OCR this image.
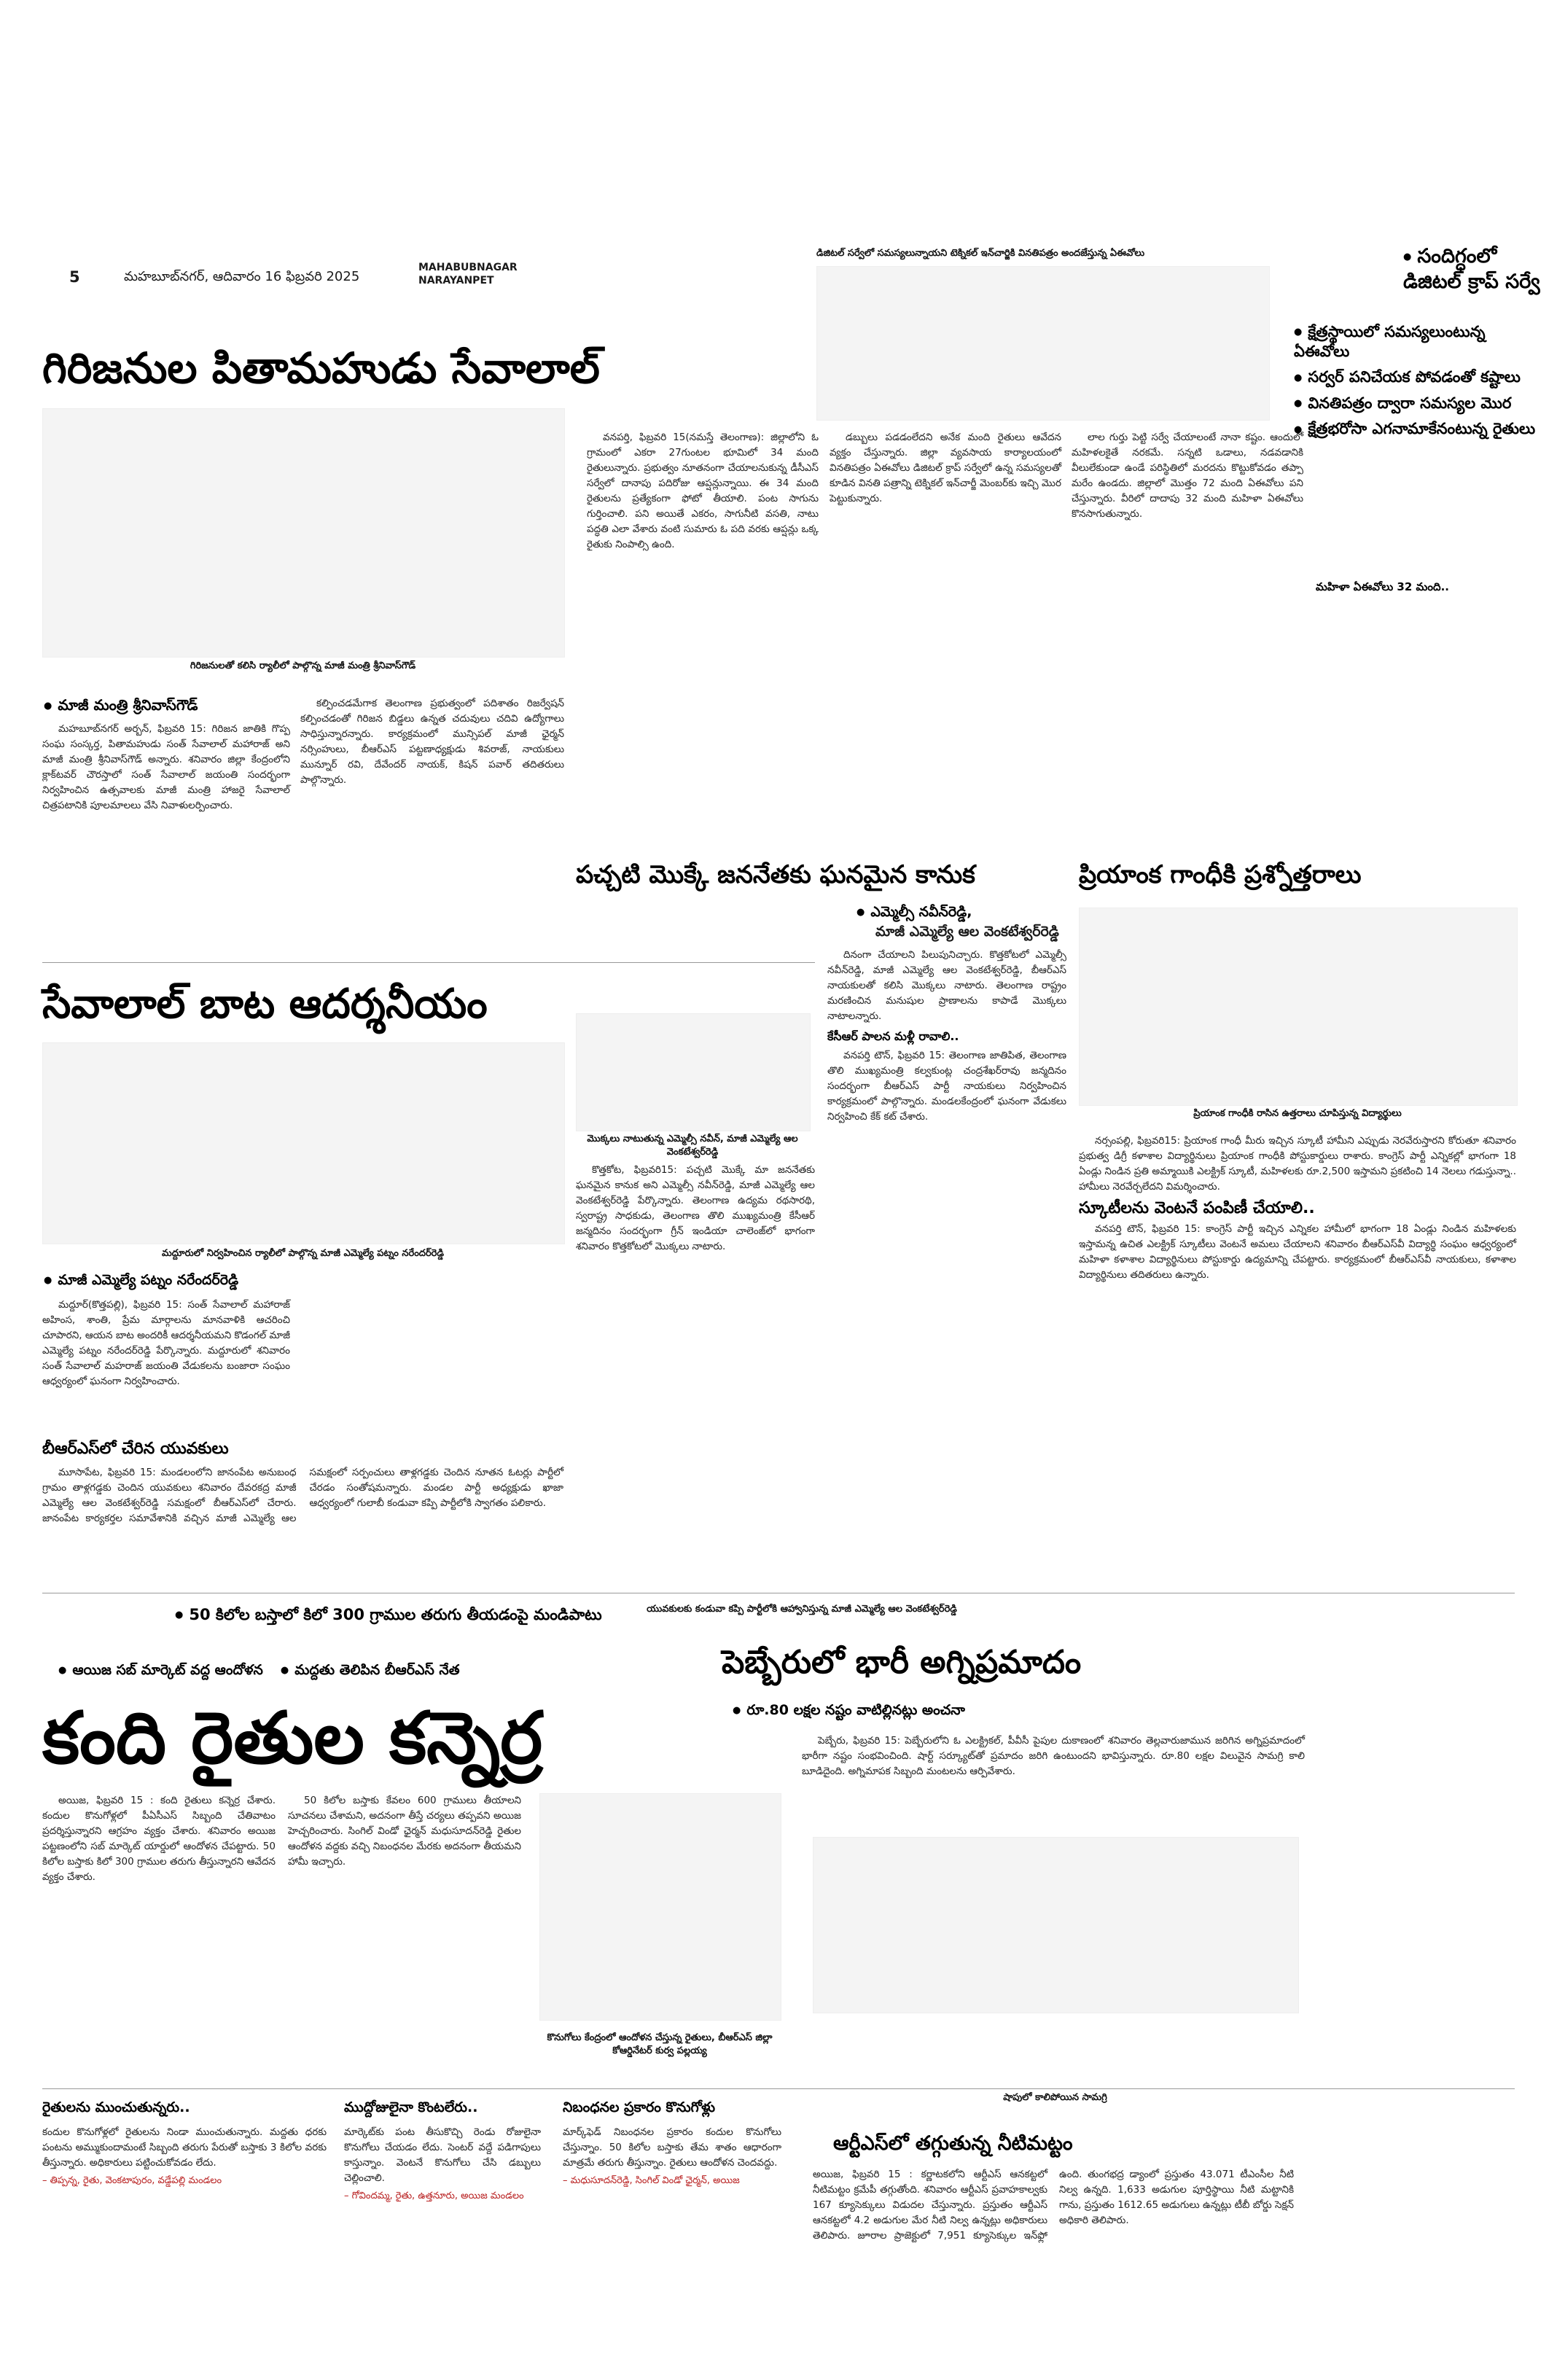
5	మహబూబ్‌నగర్, ఆదివారం 16 ఫిబ్రవరి 2025
MAHABUBNAGAR
NARAYANPET
డిజిటల్ సర్వేలో సమస్యలున్నాయని టెక్నికల్ ఇన్‌చార్జికి వినతిపత్రం అందజేస్తున్న ఏఈవోలు	● సందిగ్ధంలో డిజిటల్ క్రాప్ సర్వే
● క్షేత్రస్థాయిలో సమస్యలుంటున్న ఏఈవోలు
● సర్వర్ పనిచేయక పోవడంతో కష్టాలు
● వినతిపత్రం ద్వారా సమస్యల మొర
● క్షేత్రభరోసా ఎగనామాకేనంటున్న రైతులు

వనపర్తి, ఫిబ్రవరి 15(నమస్తే తెలంగాణ): జిల్లాలోని ఓ గ్రామంలో ఎకరా 27గుంటల భూమిలో 34 మంది రైతులున్నారు. ప్రభుత్వం నూతనంగా చేయాలనుకున్న డీసీఎస్ సర్వేలో దానాపు పదిరోజు ఆప్షన్లున్నాయి. ఈ 34 మంది రైతులను ప్రత్యేకంగా ఫోటో తీయాలి. పంట సాగును గుర్తించాలి. పని అయితే ఎకరం, సాగునీటి వసతి, నాటు పద్ధతి ఎలా వేశారు వంటి సుమారు ఓ పది వరకు ఆప్షన్లు ఒక్క రైతుకు నింపాల్సి ఉంది.

డబ్బులు పడడంలేదని అనేక మంది రైతులు ఆవేదన వ్యక్తం చేస్తున్నారు. జిల్లా వ్యవసాయ కార్యాలయంలో వినతిపత్రం ఏఈవోలు డిజిటల్ క్రాప్ సర్వేలో ఉన్న సమస్యలతో కూడిన వినతి పత్రాన్ని టెక్నికల్ ఇన్‌చార్జీ మెంబర్‌కు ఇచ్చి మొర పెట్టుకున్నారు.

లాల గుర్తు పెట్టి సర్వే చేయాలంటే నానా కష్టం. ఆందులో మహిళలకైతే నరకమే. సన్నటి ఒడాలు, నడవడానికి వీలులేకుండా ఉండే పరిస్థితిలో మరదను కొట్టుకోవడం తప్పా మరేం ఉండదు. జిల్లాలో మొత్తం 72 మంది ఏఈవోలు పని చేస్తున్నారు. వీరిలో దాదాపు 32 మంది మహిళా ఏఈవోలు కొనసాగుతున్నారు.

మహిళా ఏఈవోలు 32 మంది..
గిరిజనుల పితామహుడు సేవాలాల్
గిరిజనులతో కలిసి ర్యాలీలో పాల్గొన్న మాజీ మంత్రి శ్రీనివాస్‌గౌడ్
● మాజీ మంత్రి శ్రీనివాస్‌గౌడ్

మహబూబ్‌నగర్ అర్బన్, ఫిబ్రవరి 15: గిరిజన జాతికి గొప్ప సంఘ సంస్కర్త, పితామహుడు సంత్ సేవాలాల్ మహారాజ్ అని మాజీ మంత్రి శ్రీనివాస్‌గౌడ్ అన్నారు. శనివారం జిల్లా కేంద్రంలోని క్లాక్‌టవర్ చౌరస్తాలో సంత్ సేవాలాల్ జయంతి సందర్భంగా నిర్వహించిన ఉత్సవాలకు మాజీ మంత్రి హాజరై సేవాలాల్ చిత్రపటానికి పూలమాలలు వేసి నివాళులర్పించారు.

కల్పించడమేగాక తెలంగాణ ప్రభుత్వంలో పదిశాతం రిజర్వేషన్ కల్పించడంతో గిరిజన బిడ్డలు ఉన్నత చదువులు చదివి ఉద్యోగాలు సాధిస్తున్నారన్నారు. కార్యక్రమంలో మున్సిపల్ మాజీ ఛైర్మన్ నర్సింహులు, బీఆర్‌ఎస్ పట్టణాధ్యక్షుడు శివరాజ్, నాయకులు మున్నూర్ రవి, దేవేందర్ నాయక్, కిషన్ పవార్ తదితరులు పాల్గొన్నారు.

సేవాలాల్ బాట ఆదర్శనీయం
మద్దూరులో నిర్వహించిన ర్యాలీలో పాల్గొన్న మాజీ ఎమ్మెల్యే పట్నం నరేందర్‌రెడ్డి
● మాజీ ఎమ్మెల్యే పట్నం నరేందర్‌రెడ్డి

మద్దూర్(కొత్తపల్లి), ఫిబ్రవరి 15: సంత్ సేవాలాల్ మహారాజ్ అహింస, శాంతి, ప్రేమ మార్గాలను మానవాళికి ఆచరించి చూపారని, ఆయన బాట అందరికీ ఆదర్శనీయమని కొడంగల్ మాజీ ఎమ్మెల్యే పట్నం నరేందర్‌రెడ్డి పేర్కొన్నారు. మద్దూరులో శనివారం సంత్ సేవాలాల్ మహరాజ్ జయంతి వేడుకలను బంజారా సంఘం ఆధ్వర్యంలో ఘనంగా నిర్వహించారు.

బీఆర్‌ఎస్‌లో చేరిన యువకులు

మూసాపేట, ఫిబ్రవరి 15: మండలంలోని జానంపేట అనుబంధ గ్రామం తాళ్లగడ్డకు చెందిన యువకులు శనివారం దేవరకద్ర మాజీ ఎమ్మెల్యే ఆల వెంకటేశ్వర్‌రెడ్డి సమక్షంలో బీఆర్‌ఎస్‌లో చేరారు. జానంపేట కార్యకర్తల సమావేశానికి వచ్చిన మాజీ ఎమ్మెల్యే ఆల సమక్షంలో సర్పంచులు తాళ్లగడ్డకు చెందిన నూతన ఓటర్లు పార్టీలో చేరడం సంతోషమన్నారు. మండల పార్టీ అధ్యక్షుడు ఖాజా ఆధ్వర్యంలో గులాబీ కండువా కప్పి పార్టీలోకి స్వాగతం పలికారు.

మొక్కలు నాటుతున్న ఎమ్మెల్సీ నవీన్, మాజీ ఎమ్మెల్యే ఆల వెంకటేశ్వర్‌రెడ్డి
పచ్చటి మొక్కే జననేతకు ఘనమైన కానుక
● ఎమ్మెల్సీ నవీన్‌రెడ్డి,
మాజీ ఎమ్మెల్యే ఆల వెంకటేశ్వర్‌రెడ్డి

కొత్తకోట, ఫిబ్రవరి15: పచ్చటి మొక్కే మా జననేతకు ఘనమైన కానుక అని ఎమ్మెల్సీ నవీన్‌రెడ్డి, మాజీ ఎమ్మెల్యే ఆల వెంకటేశ్వర్‌రెడ్డి పేర్కొన్నారు. తెలంగాణ ఉద్యమ రథసారథి, స్వరాష్ట్ర సాధకుడు, తెలంగాణ తొలి ముఖ్యమంత్రి కేసీఆర్ జన్మదినం సందర్భంగా గ్రీన్ ఇండియా చాలెంజ్‌లో భాగంగా శనివారం కొత్తకోటలో మొక్కలు నాటారు.

దినంగా చేయాలని పిలుపునిచ్చారు. కొత్తకోటలో ఎమ్మెల్సీ నవీన్‌రెడ్డి, మాజీ ఎమ్మెల్యే ఆల వెంకటేశ్వర్‌రెడ్డి, బీఆర్‌ఎస్ నాయకులతో కలిసి మొక్కలు నాటారు. తెలంగాణ రాష్ట్రం మరణించిన మనుషుల ప్రాణాలను కాపాడే మొక్కలు నాటాలన్నారు.

కేసీఆర్ పాలన మళ్లీ రావాలి..

వనపర్తి టౌన్, ఫిబ్రవరి 15: తెలంగాణ జాతిపిత, తెలంగాణ తొలి ముఖ్యమంత్రి కల్వకుంట్ల చంద్రశేఖర్‌రావు జన్మదినం సందర్భంగా బీఆర్‌ఎస్ పార్టీ నాయకులు నిర్వహించిన కార్యక్రమంలో పాల్గొన్నారు. మండలకేంద్రంలో ఘనంగా వేడుకలు నిర్వహించి కేక్ కట్ చేశారు.

ప్రియాంక గాంధీకి ప్రశ్నోత్తరాలు
ప్రియాంక గాంధీకి రాసిన ఉత్తరాలు చూపిస్తున్న విద్యార్థులు

నర్సంపల్లి, ఫిబ్రవరి15: ప్రియాంక గాంధీ మీరు ఇచ్చిన స్కూటీ హామీని ఎప్పుడు నెరవేరుస్తారని కోరుతూ శనివారం ప్రభుత్వ డిగ్రీ కళాశాల విద్యార్థినులు ప్రియాంక గాంధీకి పోస్టుకార్డులు రాశారు. కాంగ్రెస్ పార్టీ ఎన్నికల్లో భాగంగా 18 ఏండ్లు నిండిన ప్రతి అమ్మాయికి ఎలక్ట్రిక్ స్కూటీ, మహిళలకు రూ.2,500 ఇస్తామని ప్రకటించి 14 నెలలు గడుస్తున్నా.. హామీలు నెరవేర్చలేదని విమర్శించారు.

స్కూటీలను వెంటనే పంపిణీ చేయాలి..

వనపర్తి టౌన్, ఫిబ్రవరి 15: కాంగ్రెస్ పార్టీ ఇచ్చిన ఎన్నికల హామీలో భాగంగా 18 ఏండ్లు నిండిన మహిళలకు ఇస్తామన్న ఉచిత ఎలక్ట్రిక్ స్కూటీలు వెంటనే అమలు చేయాలని శనివారం బీఆర్‌ఎస్‌వీ విద్యార్థి సంఘం ఆధ్వర్యంలో మహిళా కళాశాల విద్యార్థినులు పోస్టుకార్డు ఉద్యమాన్ని చేపట్టారు. కార్యక్రమంలో బీఆర్‌ఎస్‌వీ నాయకులు, కళాశాల విద్యార్థినులు తదితరులు ఉన్నారు.

● 50 కిలోల బస్తాలో కిలో 300 గ్రాముల తరుగు తీయడంపై మండిపాటు
● ఆయిజ సబ్ మార్కెట్ వద్ద ఆందోళన	● మద్దతు తెలిపిన బీఆర్‌ఎస్ నేత
కంది రైతుల కన్నెర్ర

అయిజ, ఫిబ్రవరి 15 : కంది రైతులు కన్నెర్ర చేశారు. కందుల కొనుగోళ్లలో పీఏసీఎస్ సిబ్బంది చేతివాటం ప్రదర్శిస్తున్నారని ఆగ్రహం వ్యక్తం చేశారు. శనివారం అయిజ పట్టణంలోని సబ్ మార్కెట్ యార్డులో ఆందోళన చేపట్టారు. 50 కిలోల బస్తాకు కిలో 300 గ్రాముల తరుగు తీస్తున్నారని ఆవేదన వ్యక్తం చేశారు.

50 కిలోల బస్తాకు కేవలం 600 గ్రాములు తీయాలని సూచనలు చేశామని, అదనంగా తీస్తే చర్యలు తప్పవని అయిజ హెచ్చరించారు. సింగిల్ విండో ఛైర్మన్ మధుసూదన్‌రెడ్డి రైతుల ఆందోళన వద్దకు వచ్చి నిబంధనల మేరకు అదనంగా తీయమని హామీ ఇచ్చారు.

యువకులకు కండువా కప్పి పార్టీలోకి ఆహ్వానిస్తున్న మాజీ ఎమ్మెల్యే ఆల వెంకటేశ్వర్‌రెడ్డి
కొనుగోలు కేంద్రంలో ఆందోళన చేస్తున్న రైతులు, బీఆర్‌ఎస్ జిల్లా కోఆర్డినేటర్ కుర్వ పల్లయ్య
పెబ్బేరులో భారీ అగ్నిప్రమాదం
● రూ.80 లక్షల నష్టం వాటిల్లినట్లు అంచనా

పెబ్బేరు, ఫిబ్రవరి 15: పెబ్బేరులోని ఓ ఎలక్ట్రికల్, పీవీసీ పైపుల దుకాణంలో శనివారం తెల్లవారుజామున జరిగిన అగ్నిప్రమాదంలో భారీగా నష్టం సంభవించింది. షార్ట్ సర్క్యూట్‌తో ప్రమాదం జరిగి ఉంటుందని భావిస్తున్నారు. రూ.80 లక్షల విలువైన సామగ్రి కాలి బూడిదైంది. అగ్నిమాపక సిబ్బంది మంటలను ఆర్పివేశారు.

రైతులను ముంచుతున్నరు..
కందుల కొనుగోళ్లలో రైతులను నిండా ముంచుతున్నారు. మద్దతు ధరకు పంటను అమ్ముకుందామంటే సిబ్బంది తరుగు పేరుతో బస్తాకు 3 కిలోల వరకు తీస్తున్నారు. అధికారులు పట్టించుకోవడం లేదు.
– తిప్పన్న, రైతు, వెంకటాపురం, వడ్డేపల్లి మండలం
ముద్దోజులైనా కొంటలేరు..
మార్కెట్‌కు పంట తీసుకొచ్చి రెండు రోజులైనా కొనుగోలు చేయడం లేదు. సెంటర్ వద్దే పడిగాపులు కాస్తున్నాం. వెంటనే కొనుగోలు చేసి డబ్బులు చెల్లించాలి.
– గోవిందమ్మ, రైతు, ఉత్తనూరు, అయిజ మండలం
నిబంధనల ప్రకారం కొనుగోళ్లు
మార్క్‌ఫెడ్ నిబంధనల ప్రకారం కందుల కొనుగోలు చేస్తున్నాం. 50 కిలోల బస్తాకు తేమ శాతం ఆధారంగా మాత్రమే తరుగు తీస్తున్నాం. రైతులు ఆందోళన చెందవద్దు.
– మధుసూదన్‌రెడ్డి, సింగిల్ విండో ఛైర్మన్, అయిజ
షాపులో కాలిపోయిన సామగ్రి
ఆర్టీఎస్‌లో తగ్గుతున్న నీటిమట్టం
అయిజ, ఫిబ్రవరి 15 : కర్ణాటకలోని ఆర్టీఎస్ ఆనకట్టలో నీటిమట్టం క్రమేపీ తగ్గుతోంది. శనివారం ఆర్టీఎస్ ప్రవాహకాల్వకు 167 క్యూసెక్కులు విడుదల చేస్తున్నారు. ప్రస్తుతం ఆర్టీఎస్ ఆనకట్టలో 4.2 అడుగుల మేర నీటి నిల్వ ఉన్నట్లు అధికారులు తెలిపారు. జూరాల ప్రాజెక్టులో 7,951 క్యూసెక్కుల ఇన్‌ఫ్లో ఉంది. తుంగభద్ర డ్యాంలో ప్రస్తుతం 43.071 టీఎంసీల నీటి నిల్వ ఉన్నది. 1,633 అడుగుల పూర్తిస్థాయి నీటి మట్టానికి గాను, ప్రస్తుతం 1612.65 అడుగులు ఉన్నట్లు టీబీ బోర్డు సెక్షన్ అధికారి తెలిపారు.
